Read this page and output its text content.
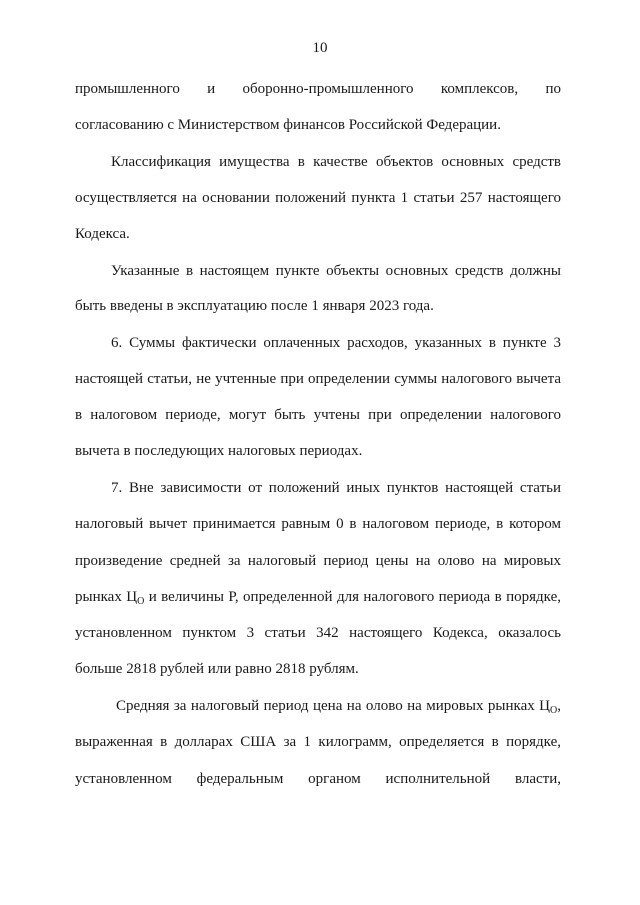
10
промышленного и оборонно-промышленного комплексов, по
согласованию с Министерством финансов Российской Федерации.
Классификация имущества в качестве объектов основных средств
осуществляется на основании положений пункта 1 статьи 257 настоящего
Кодекса.
Указанные в настоящем пункте объекты основных средств должны
быть введены в эксплуатацию после 1 января 2023 года.
6. Суммы фактически оплаченных расходов, указанных в пункте 3
настоящей статьи, не учтенные при определении суммы налогового вычета
в налоговом периоде, могут быть учтены при определении налогового
вычета в последующих налоговых периодах.
7. Вне зависимости от положений иных пунктов настоящей статьи
налоговый вычет принимается равным 0 в налоговом периоде, в котором
произведение средней за налоговый период цены на олово на мировых
рынках $Ц_О$ и величины Р, определенной для налогового периода в порядке,
установленном пунктом 3 статьи 342 настоящего Кодекса, оказалось
больше 2818 рублей или равно 2818 рублям.
Средняя за налоговый период цена на олово на мировых рынках $Ц_О$,
выраженная в долларах США за 1 килограмм, определяется в порядке,
установленном федеральным органом исполнительной власти,
